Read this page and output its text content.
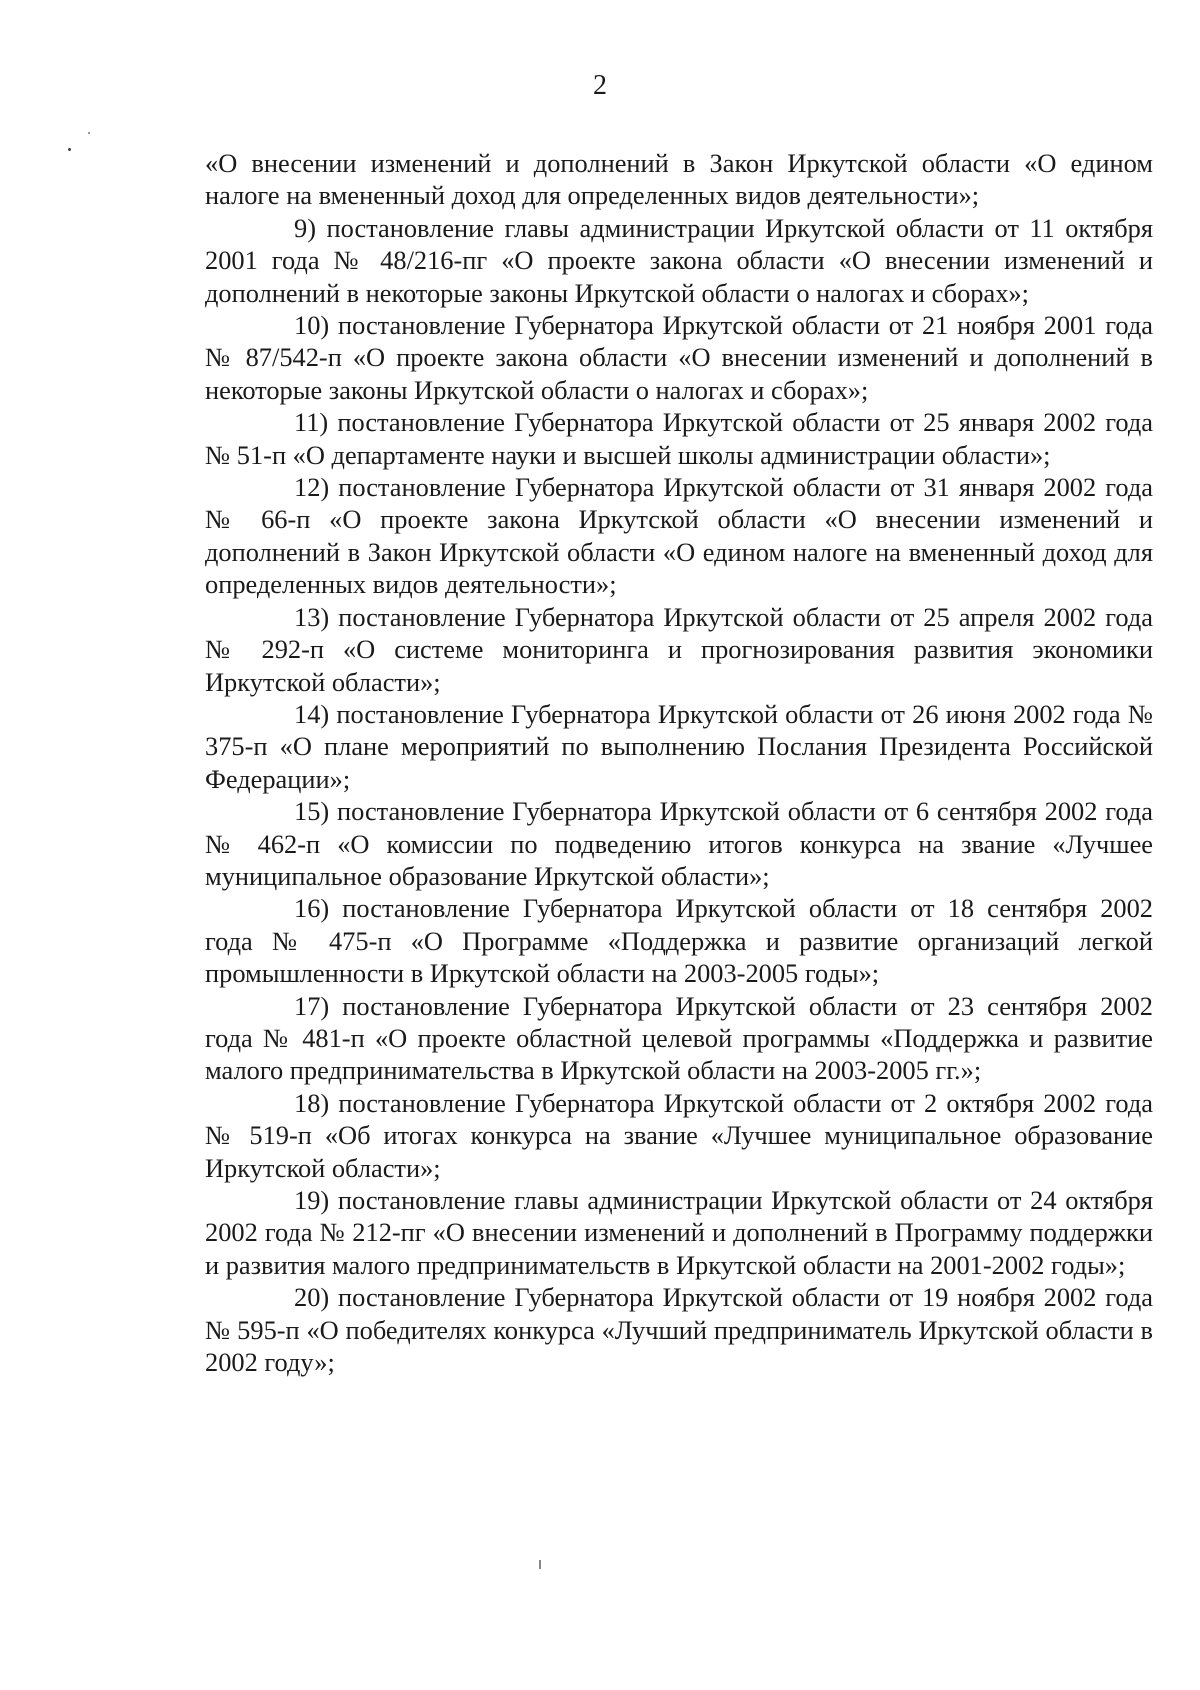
2

«О внесении изменений и дополнений в Закон Иркутской области «О едином налоге на вмененный доход для определенных видов деятельности»;

9) постановление главы администрации Иркутской области от 11 октября 2001 года № 48/216-пг «О проекте закона области «О внесении изменений и дополнений в некоторые законы Иркутской области о налогах и сборах»;

10) постановление Губернатора Иркутской области от 21 ноября 2001 года № 87/542-п «О проекте закона области «О внесении изменений и дополнений в некоторые законы Иркутской области о налогах и сборах»;

11) постановление Губернатора Иркутской области от 25 января 2002 года № 51-п «О департаменте науки и высшей школы администрации области»;

12) постановление Губернатора Иркутской области от 31 января 2002 года № 66-п «О проекте закона Иркутской области «О внесении изменений и дополнений в Закон Иркутской области «О едином налоге на вмененный доход для определенных видов деятельности»;

13) постановление Губернатора Иркутской области от 25 апреля 2002 года № 292-п «О системе мониторинга и прогнозирования развития экономики Иркутской области»;

14) постановление Губернатора Иркутской области от 26 июня 2002 года № 375-п «О плане мероприятий по выполнению Послания Президента Российской Федерации»;

15) постановление Губернатора Иркутской области от 6 сентября 2002 года № 462-п «О комиссии по подведению итогов конкурса на звание «Лучшее муниципальное образование Иркутской области»;

16) постановление Губернатора Иркутской области от 18 сентября 2002 года № 475-п «О Программе «Поддержка и развитие организаций легкой промышленности в Иркутской области на 2003-2005 годы»;

17) постановление Губернатора Иркутской области от 23 сентября 2002 года № 481-п «О проекте областной целевой программы «Поддержка и развитие малого предпринимательства в Иркутской области на 2003-2005 гг.»;

18) постановление Губернатора Иркутской области от 2 октября 2002 года № 519-п «Об итогах конкурса на звание «Лучшее муниципальное образование Иркутской области»;

19) постановление главы администрации Иркутской области от 24 октября 2002 года № 212-пг «О внесении изменений и дополнений в Программу поддержки и развития малого предпринимательств в Иркутской области на 2001-2002 годы»;

20) постановление Губернатора Иркутской области от 19 ноября 2002 года № 595-п «О победителях конкурса «Лучший предприниматель Иркутской области в 2002 году»;
